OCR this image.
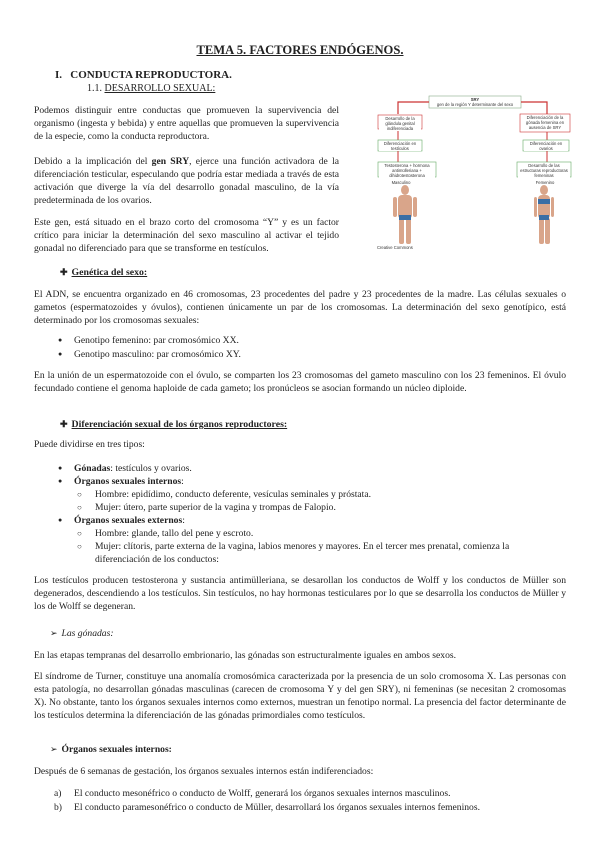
TEMA 5. FACTORES ENDÓGENOS.
I. CONDUCTA REPRODUCTORA.
1.1. DESARROLLO SEXUAL:

Podemos distinguir entre conductas que promueven la supervivencia del organismo (ingesta y bebida) y entre aquellas que promueven la supervivencia de la especie, como la conducta reproductora.

Debido a la implicación del gen SRY, ejerce una función activadora de la diferenciación testicular, especulando que podría estar mediada a través de esta activación que diverge la vía del desarrollo gonadal masculino, de la vía predeterminada de los ovarios.

Este gen, está situado en el brazo corto del cromosoma “Y” y es un factor crítico para iniciar la determinación del sexo masculino al activar el tejido gonadal no diferenciado para que se transforme en testículos.

SRY
gen de la región Y determinante del sexo
Desarrollo de la glándula genital indiferenciada
Diferenciación de la gónada femenina en ausencia de SRY
Diferenciación en testículos
Diferenciación en ovarios
Testosterona + hormona antimülleriana + dihidrotestosterona
Desarrollo de las estructuras reproductoras femeninas
Masculino	Femenino
Creative Commons
✚ Genética del sexo:

El ADN, se encuentra organizado en 46 cromosomas, 23 procedentes del padre y 23 procedentes de la madre. Las células sexuales o gametos (espermatozoides y óvulos), contienen únicamente un par de los cromosomas. La determinación del sexo genotípico, está determinado por los cromosomas sexuales:

● Genotipo femenino: par cromosómico XX.
● Genotipo masculino: par cromosómico XY.

En la unión de un espermatozoide con el óvulo, se comparten los 23 cromosomas del gameto masculino con los 23 femeninos. El óvulo fecundado contiene el genoma haploide de cada gameto; los pronúcleos se asocian formando un núcleo diploide.

✚ Diferenciación sexual de los órganos reproductores:

Puede dividirse en tres tipos:

● Gónadas: testículos y ovarios.
● Órganos sexuales internos:
○ Hombre: epidídimo, conducto deferente, vesículas seminales y próstata.
○ Mujer: útero, parte superior de la vagina y trompas de Falopio.
● Órganos sexuales externos:
○ Hombre: glande, tallo del pene y escroto.
○ Mujer: clítoris, parte externa de la vagina, labios menores y mayores. En el tercer mes prenatal, comienza la diferenciación de los conductos:

Los testículos producen testosterona y sustancia antimülleriana, se desarollan los conductos de Wolff y los conductos de Müller son degenerados, descendiendo a los testículos. Sin testículos, no hay hormonas testiculares por lo que se desarrolla los conductos de Müller y los de Wolff se degeneran.

➢ Las gónadas:

En las etapas tempranas del desarrollo embrionario, las gónadas son estructuralmente iguales en ambos sexos.

El síndrome de Turner, constituye una anomalía cromosómica caracterizada por la presencia de un solo cromosoma X. Las personas con esta patología, no desarrollan gónadas masculinas (carecen de cromosoma Y y del gen SRY), ni femeninas (se necesitan 2 cromosomas X). No obstante, tanto los órganos sexuales internos como externos, muestran un fenotipo normal. La presencia del factor determinante de los testículos determina la diferenciación de las gónadas primordiales como testículos.

➢ Órganos sexuales internos:

Después de 6 semanas de gestación, los órganos sexuales internos están indiferenciados:

a) El conducto mesonéfrico o conducto de Wolff, generará los órganos sexuales internos masculinos.
b) El conducto paramesonéfrico o conducto de Müller, desarrollará los órganos sexuales internos femeninos.
